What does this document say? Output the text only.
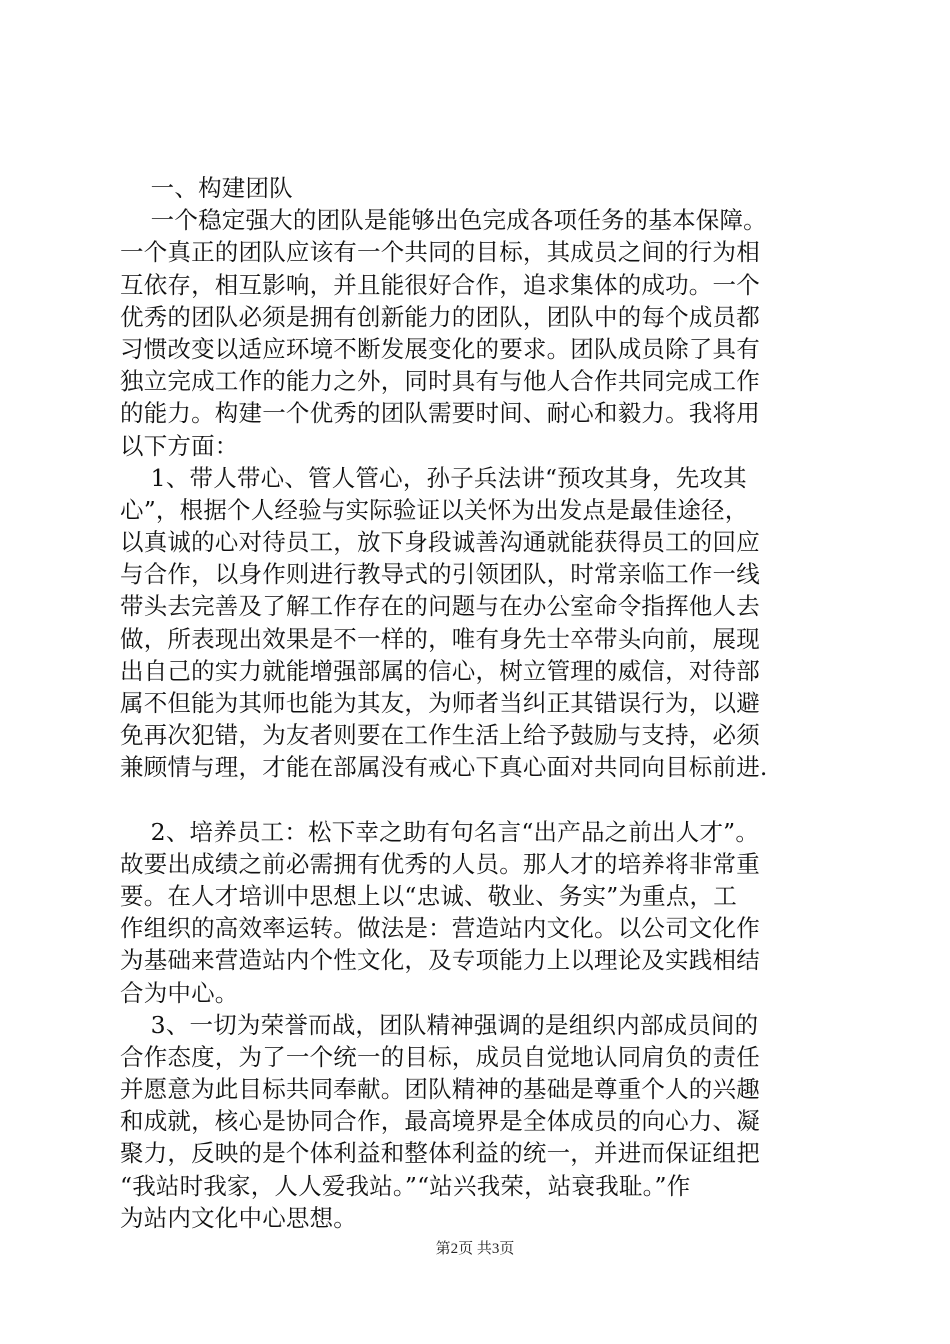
一、构建团队
一个稳定强大的团队是能够出色完成各项任务的基本保障。
一个真正的团队应该有一个共同的目标，其成员之间的行为相
互依存，相互影响，并且能很好合作，追求集体的成功。一个
优秀的团队必须是拥有创新能力的团队，团队中的每个成员都
习惯改变以适应环境不断发展变化的要求。团队成员除了具有
独立完成工作的能力之外，同时具有与他人合作共同完成工作
的能力。构建一个优秀的团队需要时间、耐心和毅力。我将用
以下方面：
1、带人带心、管人管心，孙子兵法讲“预攻其身，先攻其
心”，根据个人经验与实际验证以关怀为出发点是最佳途径，
以真诚的心对待员工，放下身段诚善沟通就能获得员工的回应
与合作，以身作则进行教导式的引领团队，时常亲临工作一线
带头去完善及了解工作存在的问题与在办公室命令指挥他人去
做，所表现出效果是不一样的，唯有身先士卒带头向前，展现
出自己的实力就能增强部属的信心，树立管理的威信，对待部
属不但能为其师也能为其友，为师者当纠正其错误行为，以避
免再次犯错，为友者则要在工作生活上给予鼓励与支持，必须
兼顾情与理，才能在部属没有戒心下真心面对共同向目标前进.
2、培养员工：松下幸之助有句名言“出产品之前出人才”。
故要出成绩之前必需拥有优秀的人员。那人才的培养将非常重
要。在人才培训中思想上以“忠诚、敬业、务实”为重点，工
作组织的高效率运转。做法是：营造站内文化。以公司文化作
为基础来营造站内个性文化，及专项能力上以理论及实践相结
合为中心。
3、一切为荣誉而战，团队精神强调的是组织内部成员间的
合作态度，为了一个统一的目标，成员自觉地认同肩负的责任
并愿意为此目标共同奉献。团队精神的基础是尊重个人的兴趣
和成就，核心是协同合作，最高境界是全体成员的向心力、凝
聚力，反映的是个体利益和整体利益的统一，并进而保证组把
“我站时我家，人人爱我站。”“站兴我荣，站衰我耻。”作
为站内文化中心思想。
第2页 共3页
